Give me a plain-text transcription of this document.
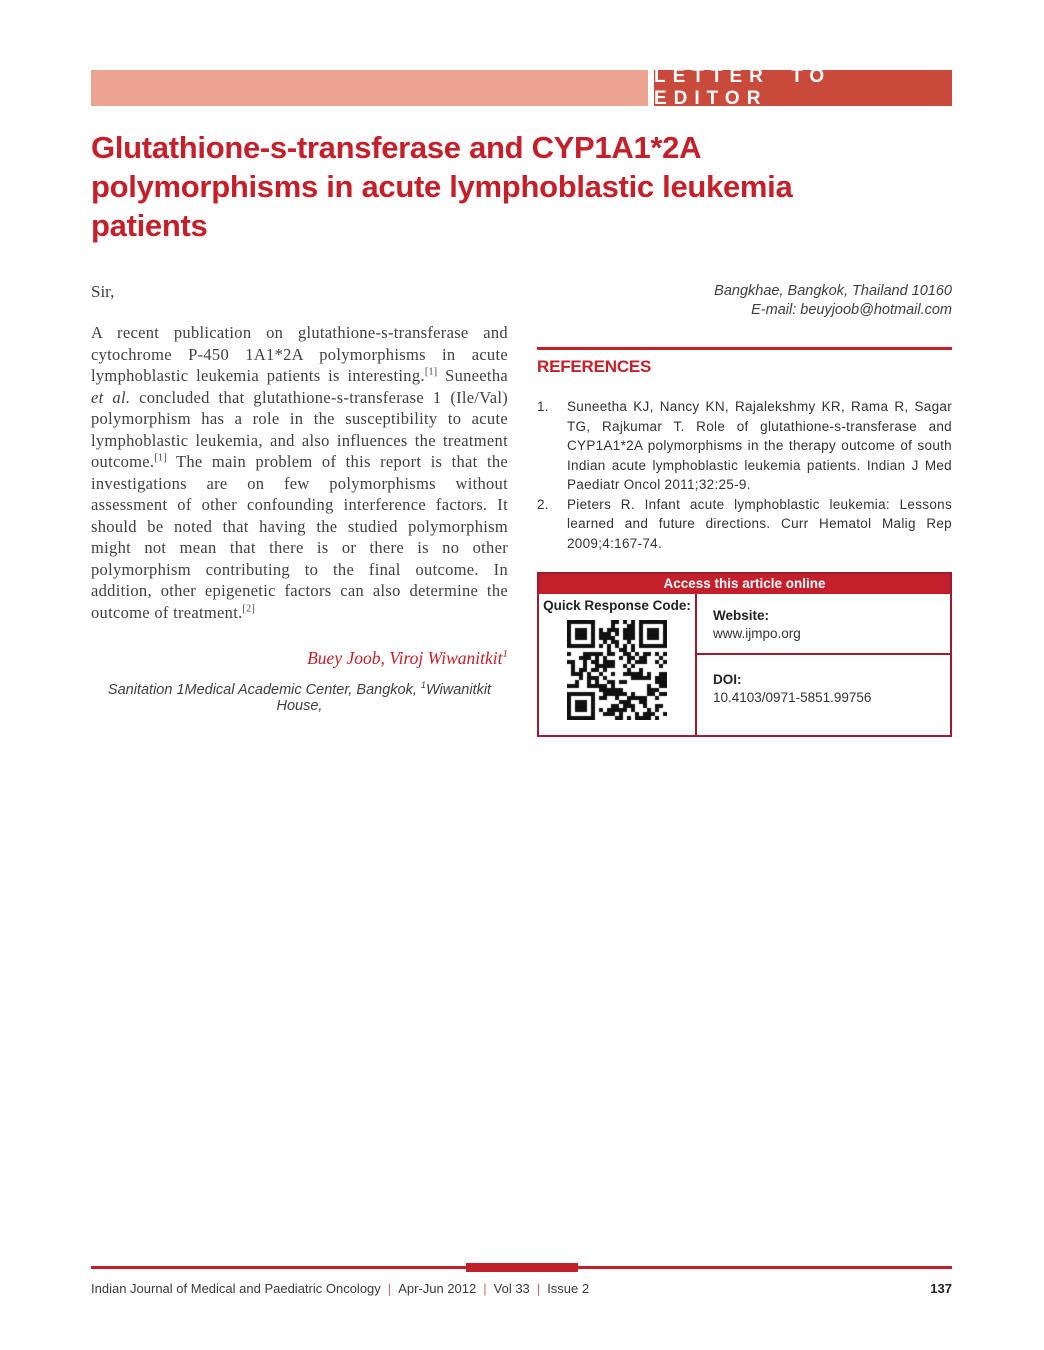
LETTER TO EDITOR
Glutathione-s-transferase and CYP1A1*2A
polymorphisms in acute lymphoblastic leukemia
patients

Sir,

A recent publication on glutathione-s-transferase and cytochrome P-450 1A1*2A polymorphisms in acute lymphoblastic leukemia patients is interesting.[1] Suneetha et al. concluded that glutathione-s-transferase 1 (Ile/Val) polymorphism has a role in the susceptibility to acute lymphoblastic leukemia, and also influences the treatment outcome.[1] The main problem of this report is that the investigations are on few polymorphisms without assessment of other confounding interference factors. It should be noted that having the studied polymorphism might not mean that there is or there is no other polymorphism contributing to the final outcome. In addition, other epigenetic factors can also determine the outcome of treatment.[2]

Buey Joob, Viroj Wiwanitkit$^1$
Sanitation 1Medical Academic Center, Bangkok, $^1$Wiwanitkit House,
Bangkhae, Bangkok, Thailand 10160
E-mail: beuyjoob@hotmail.com
REFERENCES
1.	Suneetha KJ, Nancy KN, Rajalekshmy KR, Rama R, Sagar TG, Rajkumar T. Role of glutathione-s-transferase and CYP1A1*2A polymorphisms in the therapy outcome of south Indian acute lymphoblastic leukemia patients. Indian J Med Paediatr Oncol 2011;32:25-9.
2.	Pieters R. Infant acute lymphoblastic leukemia: Lessons learned and future directions. Curr Hematol Malig Rep 2009;4:167-74.
Access this article online
Quick Response Code:
Website:
www.ijmpo.org
DOI:
10.4103/0971-5851.99756
Indian Journal of Medical and Paediatric Oncology | Apr-Jun 2012 | Vol 33 | Issue 2	137
